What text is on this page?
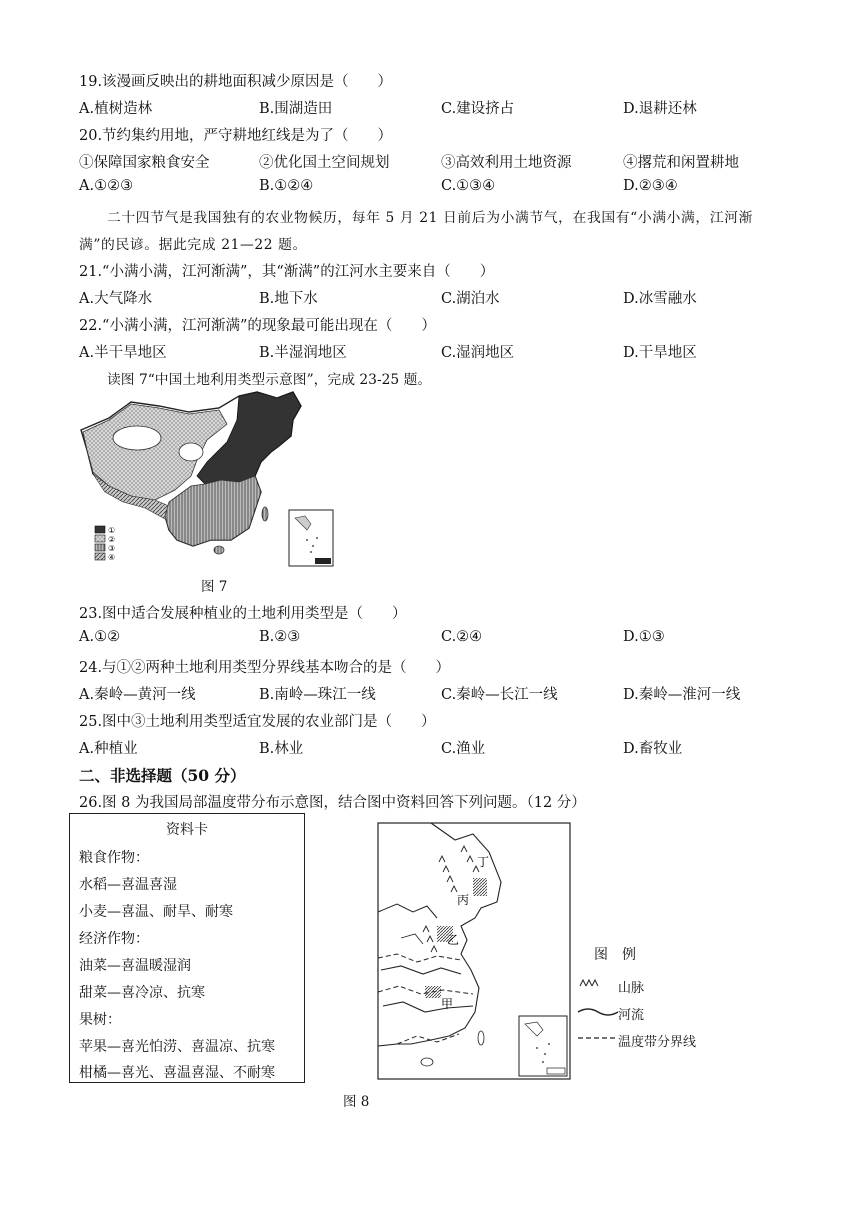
19.该漫画反映出的耕地面积减少原因是（　　）
A.植树造林	B.围湖造田	C.建设挤占	D.退耕还林
20.节约集约用地，严守耕地红线是为了（　　）
①保障国家粮食安全	②优化国土空间规划	③高效利用土地资源	④撂荒和闲置耕地
A.①②③	B.①②④	C.①③④	D.②③④
二十四节气是我国独有的农业物候历，每年 5 月 21 日前后为小满节气，在我国有“小满小满，江河渐
满”的民谚。据此完成 21—22 题。
21.“小满小满，江河渐满”，其“渐满”的江河水主要来自（　　）
A.大气降水	B.地下水	C.湖泊水	D.冰雪融水
22.“小满小满，江河渐满”的现象最可能出现在（　　）
A.半干旱地区	B.半湿润地区	C.湿润地区	D.干旱地区
读图 7“中国土地利用类型示意图”，完成 23-25 题。
①
②
③
④
图 7
23.图中适合发展种植业的土地利用类型是（　　）
A.①②	B.②③	C.②④	D.①③
24.与①②两种土地利用类型分界线基本吻合的是（　　）
A.秦岭—黄河一线	B.南岭—珠江一线	C.秦岭—长江一线	D.秦岭—淮河一线
25.图中③土地利用类型适宜发展的农业部门是（　　）
A.种植业	B.林业	C.渔业	D.畜牧业
二、非选择题（50 分）
26.图 8 为我国局部温度带分布示意图，结合图中资料回答下列问题。（12 分）
资料卡
粮食作物：
水稻—喜温喜湿
小麦—喜温、耐旱、耐寒
经济作物：
油菜—喜温暖湿润
甜菜—喜冷凉、抗寒
果树：
苹果—喜光怕涝、喜温凉、抗寒
柑橘—喜光、喜温喜湿、不耐寒
丁
丙
乙
甲
图　例
山脉
河流
温度带分界线
图 8
